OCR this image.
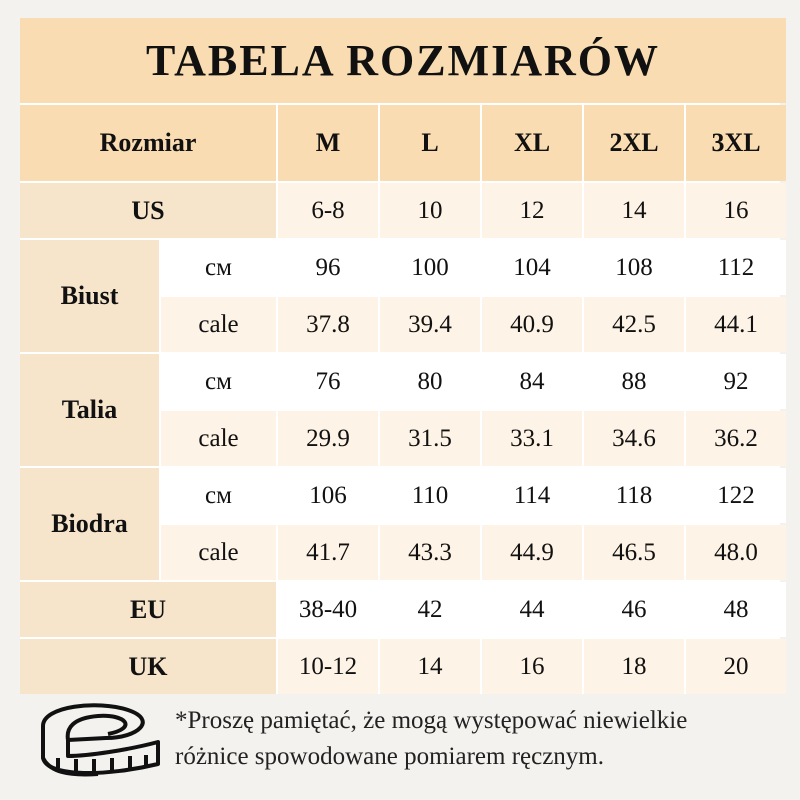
TABELA ROZMIARÓW
Rozmiar	M	L	XL	2XL	3XL
US	6-8	10	12	14	16
EU	38-40	42	44	46	48
UK	10-12	14	16	18	20
Biust
см	96	100	104	108	112
cale	37.8	39.4	40.9	42.5	44.1
Talia
см	76	80	84	88	92
cale	29.9	31.5	33.1	34.6	36.2
Biodra
см	106	110	114	118	122
cale	41.7	43.3	44.9	46.5	48.0
*Proszę pamiętać, że mogą występować niewielkie
różnice spowodowane pomiarem ręcznym.
